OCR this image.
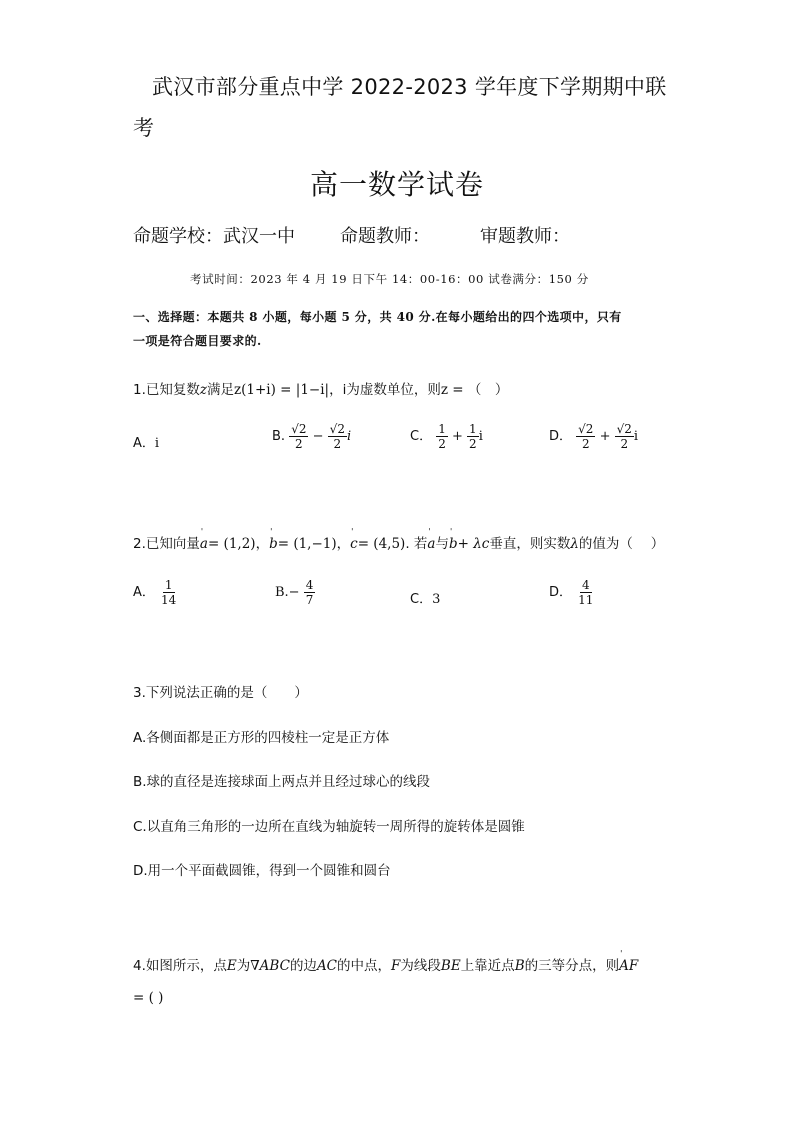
武汉市部分重点中学 2022-2023 学年度下学期期中联
考
高一数学试卷
命题学校：武汉一中	命题教师：	审题教师：
考试时间：2023 年 4 月 19 日下午 14：00-16：00 试卷满分：150 分
一、选择题：本题共 8 小题，每小题 5 分，共 40 分.在每小题给出的四个选项中，只有
一项是符合题目要求的.
1.已知复数z满足z(1+i) = |1−i|，i为虚数单位，则z = （　）
A．i	B. $\frac{√2}{2} - \frac{√2}{2}$ i	C． $\frac{1}{2} + \frac{1}{2}$ i	D． $\frac{√2}{2} + \frac{√2}{2}$ i
2.已知向量' a= (1,2)，' b= (1,−1)，' c= (4,5). 若' a与' b+ λc垂直，则实数λ的值为（　 ）
A． $\frac{1}{14}$	$B.- \frac{4}{7}$	C．3	D． $\frac{4}{11}$
3.下列说法正确的是（　　）
A.各侧面都是正方形的四棱柱一定是正方体
B.球的直径是连接球面上两点并且经过球心的线段
C.以直角三角形的一边所在直线为轴旋转一周所得的旋转体是圆锥
D.用一个平面截圆锥，得到一个圆锥和圆台
4.如图所示，点E为∇ABC的边AC的中点，F为线段BE上靠近点B的三等分点，则' AF
= ( )
